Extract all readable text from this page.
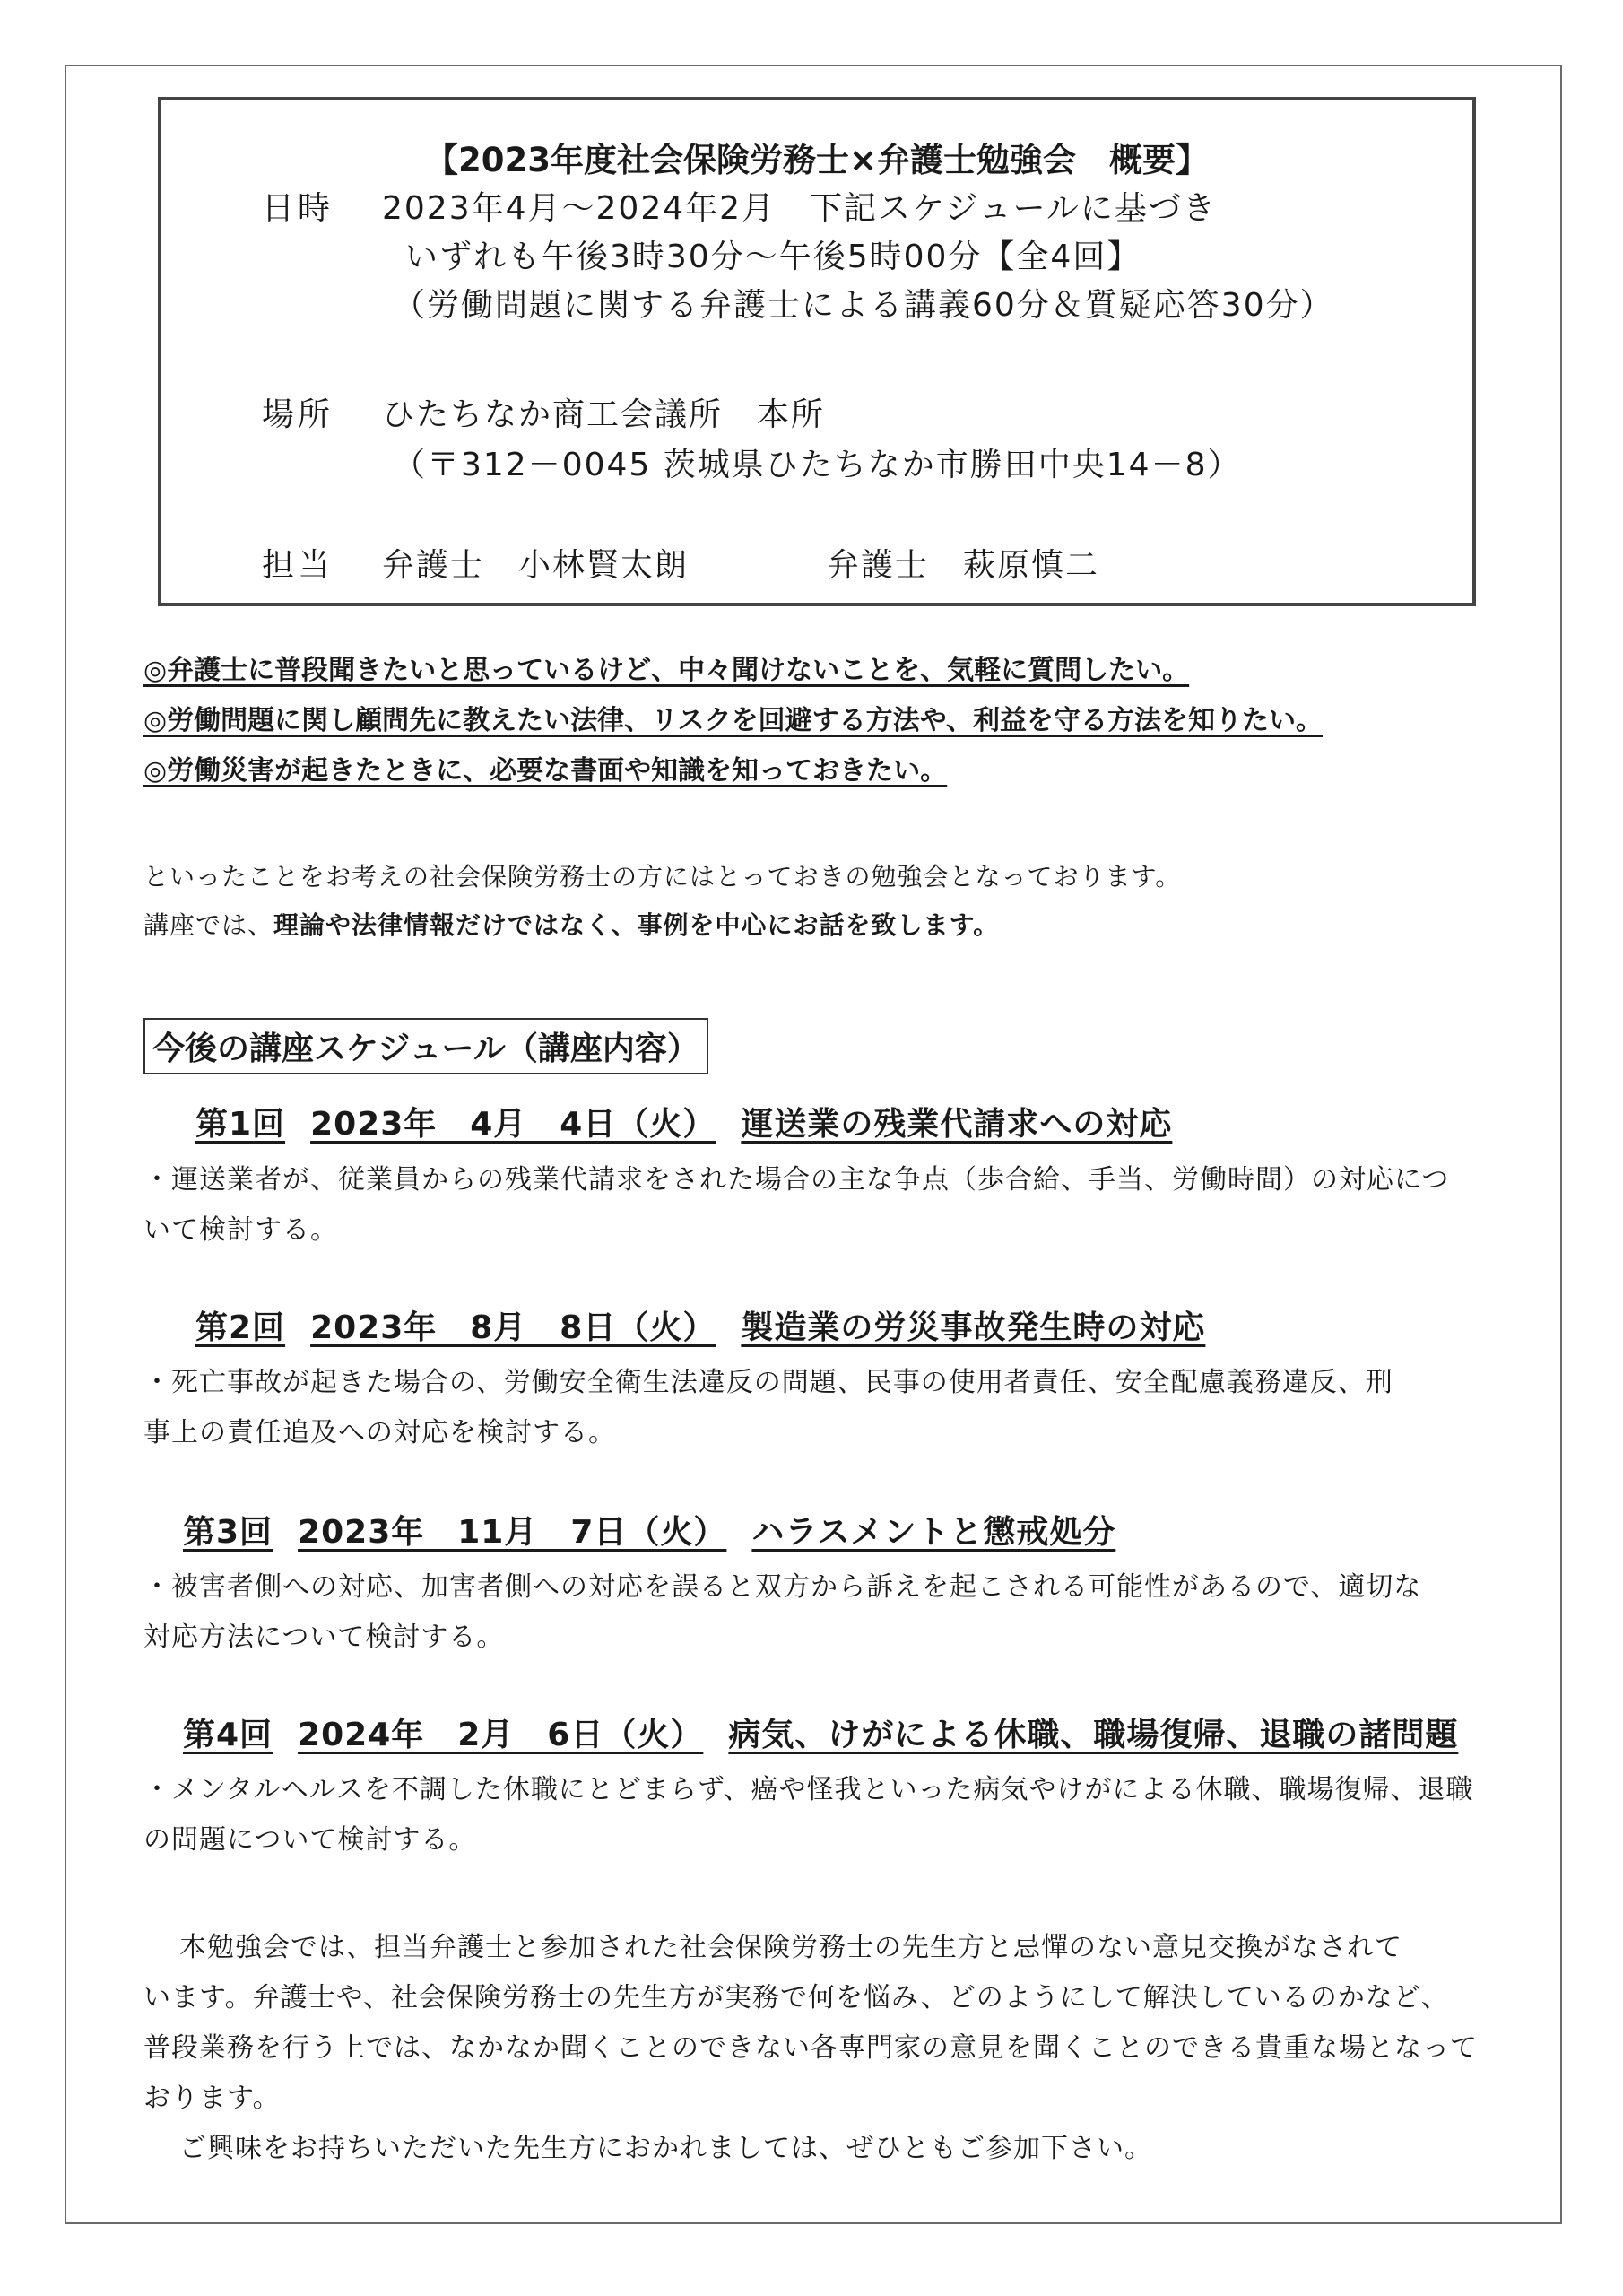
【2023年度社会保険労務士×弁護士勉強会　概要】
日時 2023年4月～2024年2月　下記スケジュールに基づき
いずれも午後3時30分～午後5時00分【全4回】
（労働問題に関する弁護士による講義60分＆質疑応答30分）
場所 ひたちなか商工会議所　本所
（〒312－0045 茨城県ひたちなか市勝田中央14－8）
担当 弁護士　小林賢太朗	弁護士　萩原慎二
◎弁護士に普段聞きたいと思っているけど、中々聞けないことを、気軽に質問したい。
◎労働問題に関し顧問先に教えたい法律、リスクを回避する方法や、利益を守る方法を知りたい。
◎労働災害が起きたときに、必要な書面や知識を知っておきたい。
といったことをお考えの社会保険労務士の方にはとっておきの勉強会となっております。
講座では、理論や法律情報だけではなく、事例を中心にお話を致します。
今後の講座スケジュール（講座内容）
第1回 2023年　4月　4日（火） 運送業の残業代請求への対応
・運送業者が、従業員からの残業代請求をされた場合の主な争点（歩合給、手当、労働時間）の対応につ
いて検討する。
第2回 2023年　8月　8日（火） 製造業の労災事故発生時の対応
・死亡事故が起きた場合の、労働安全衛生法違反の問題、民事の使用者責任、安全配慮義務違反、刑
事上の責任追及への対応を検討する。
第3回 2023年　11月　7日（火） ハラスメントと懲戒処分
・被害者側への対応、加害者側への対応を誤ると双方から訴えを起こされる可能性があるので、適切な
対応方法について検討する。
第4回 2024年　2月　6日（火） 病気、けがによる休職、職場復帰、退職の諸問題
・メンタルヘルスを不調した休職にとどまらず、癌や怪我といった病気やけがによる休職、職場復帰、退職
の問題について検討する。
本勉強会では、担当弁護士と参加された社会保険労務士の先生方と忌憚のない意見交換がなされて
います。弁護士や、社会保険労務士の先生方が実務で何を悩み、どのようにして解決しているのかなど、
普段業務を行う上では、なかなか聞くことのできない各専門家の意見を聞くことのできる貴重な場となって
おります。
ご興味をお持ちいただいた先生方におかれましては、ぜひともご参加下さい。
